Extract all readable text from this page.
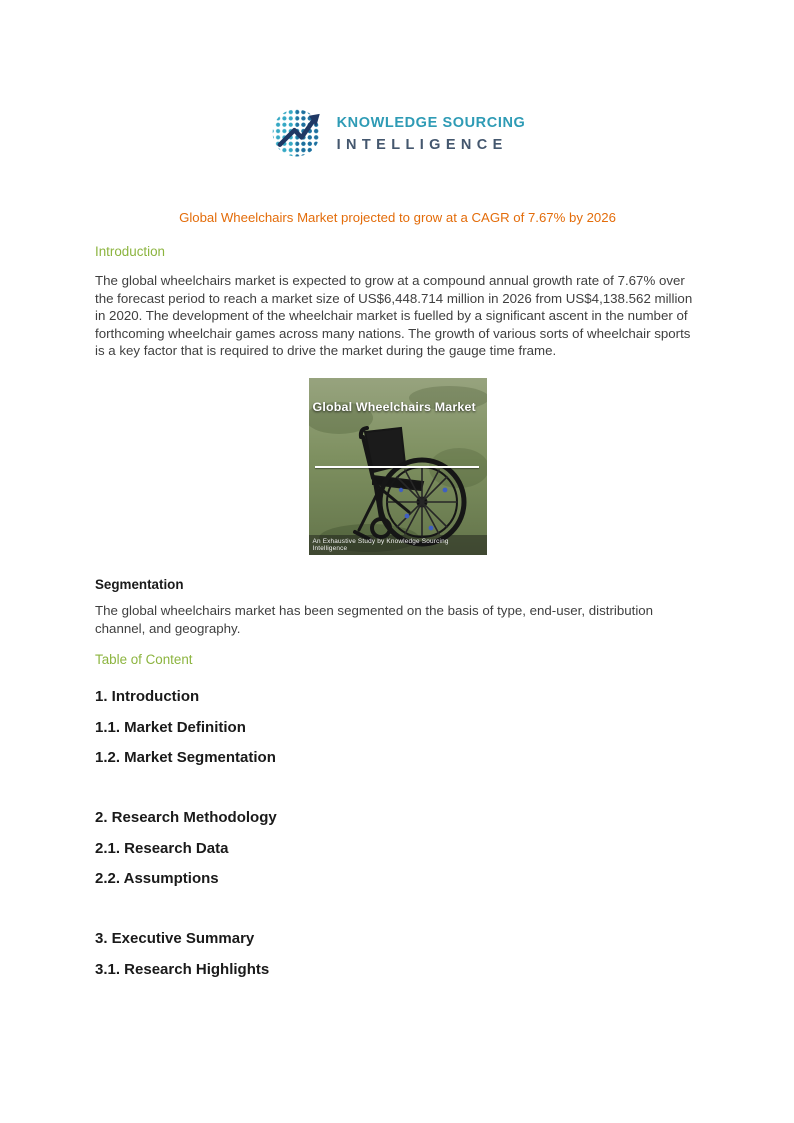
KNOWLEDGE SOURCING
INTELLIGENCE
Global Wheelchairs Market projected to grow at a CAGR of 7.67% by 2026
Introduction
The global wheelchairs market is expected to grow at a compound annual growth rate of 7.67% over the forecast period to reach a market size of US$6,448.714 million in 2026 from US$4,138.562 million in 2020. The development of the wheelchair market is fuelled by a significant ascent in the number of forthcoming wheelchair games across many nations. The growth of various sorts of wheelchair sports is a key factor that is required to drive the market during the gauge time frame.
Global Wheelchairs Market
An Exhaustive Study by Knowledge Sourcing Intelligence
Segmentation
The global wheelchairs market has been segmented on the basis of type, end-user, distribution channel, and geography.
Table of Content
1. Introduction
1.1. Market Definition
1.2. Market Segmentation
2. Research Methodology
2.1. Research Data
2.2. Assumptions
3. Executive Summary
3.1. Research Highlights
